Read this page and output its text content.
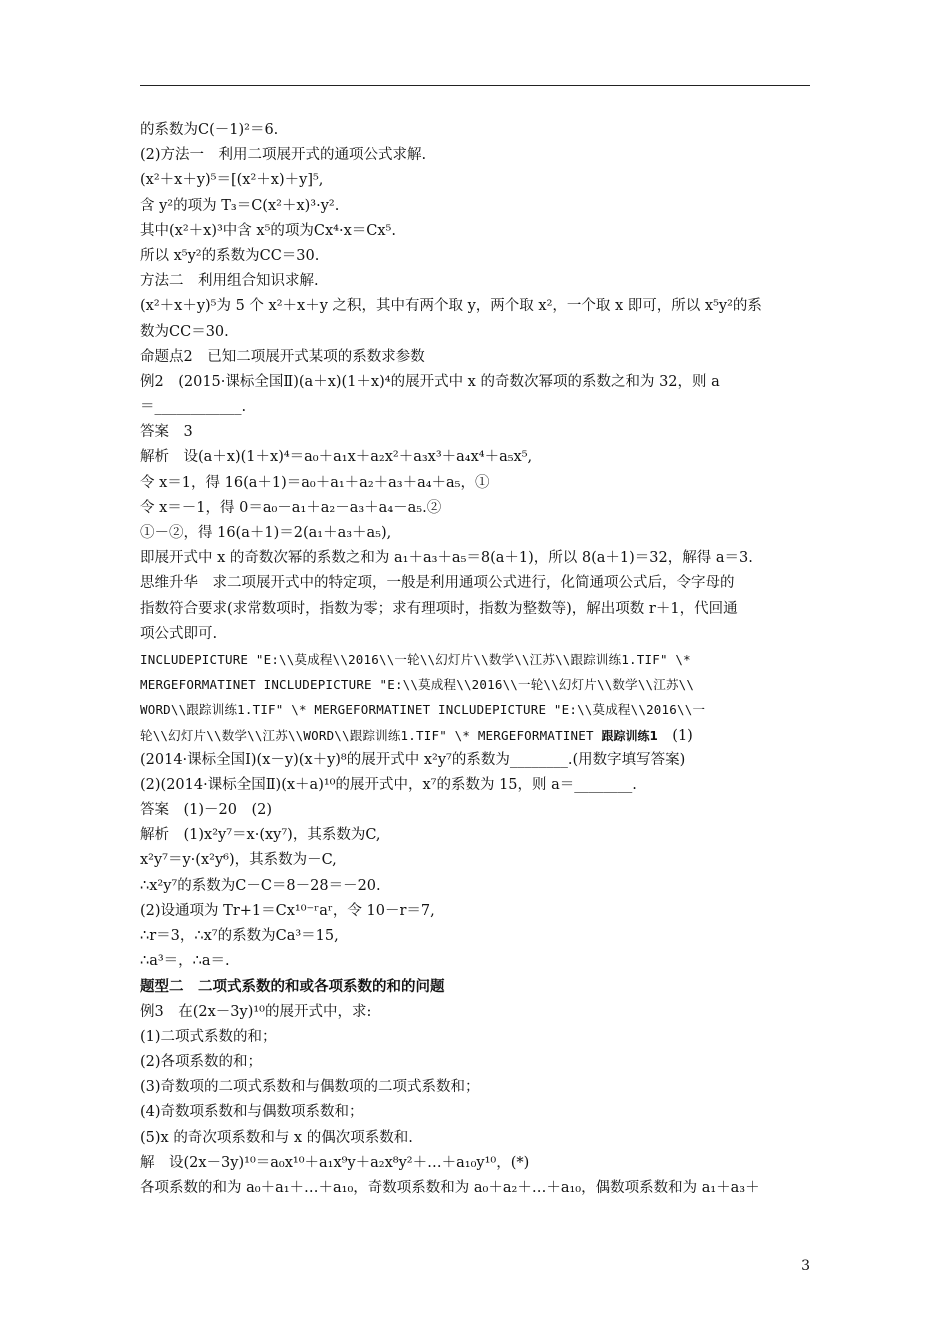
的系数为C(－1)²＝6.
(2)方法一　利用二项展开式的通项公式求解.
(x²＋x＋y)⁵＝[(x²＋x)＋y]⁵,
含 y²的项为 T₃＝C(x²＋x)³·y².
其中(x²＋x)³中含 x⁵的项为Cx⁴·x＝Cx⁵.
所以 x⁵y²的系数为CC＝30.
方法二　利用组合知识求解.
(x²＋x＋y)⁵为 5 个 x²＋x＋y 之积，其中有两个取 y，两个取 x²，一个取 x 即可，所以 x⁵y²的系
数为CC＝30.
命题点2　已知二项展开式某项的系数求参数
例2　(2015·课标全国Ⅱ)(a＋x)(1＋x)⁴的展开式中 x 的奇数次幂项的系数之和为 32，则 a
＝____________.
答案　3
解析　设(a＋x)(1＋x)⁴＝a₀＋a₁x＋a₂x²＋a₃x³＋a₄x⁴＋a₅x⁵,
令 x＝1，得 16(a＋1)＝a₀＋a₁＋a₂＋a₃＋a₄＋a₅，①
令 x＝－1，得 0＝a₀－a₁＋a₂－a₃＋a₄－a₅.②
①－②，得 16(a＋1)＝2(a₁＋a₃＋a₅),
即展开式中 x 的奇数次幂的系数之和为 a₁＋a₃＋a₅＝8(a＋1)，所以 8(a＋1)＝32，解得 a＝3.
思维升华　求二项展开式中的特定项，一般是利用通项公式进行，化简通项公式后，令字母的
指数符合要求(求常数项时，指数为零；求有理项时，指数为整数等)，解出项数 r＋1，代回通
项公式即可.
INCLUDEPICTURE "E:\\莫成程\\2016\\一轮\\幻灯片\\数学\\江苏\\跟踪训练1.TIF" \*
MERGEFORMATINET INCLUDEPICTURE "E:\\莫成程\\2016\\一轮\\幻灯片\\数学\\江苏\\
WORD\\跟踪训练1.TIF" \* MERGEFORMATINET INCLUDEPICTURE "E:\\莫成程\\2016\\一
轮\\幻灯片\\数学\\江苏\\WORD\\跟踪训练1.TIF" \* MERGEFORMATINET 跟踪训练1　(1)
(2014·课标全国Ⅰ)(x－y)(x＋y)⁸的展开式中 x²y⁷的系数为________.(用数字填写答案)
(2)(2014·课标全国Ⅱ)(x＋a)¹⁰的展开式中，x⁷的系数为 15，则 a＝________.
答案　(1)－20　(2)
解析　(1)x²y⁷＝x·(xy⁷)，其系数为C,
x²y⁷＝y·(x²y⁶)，其系数为－C,
∴x²y⁷的系数为C－C＝8－28＝－20.
(2)设通项为 Tr+1＝Cx¹⁰⁻ʳaʳ，令 10－r＝7,
∴r＝3，∴x⁷的系数为Ca³＝15,
∴a³＝，∴a＝.
题型二　二项式系数的和或各项系数的和的问题
例3　在(2x－3y)¹⁰的展开式中，求:
(1)二项式系数的和；
(2)各项系数的和；
(3)奇数项的二项式系数和与偶数项的二项式系数和；
(4)奇数项系数和与偶数项系数和；
(5)x 的奇次项系数和与 x 的偶次项系数和.
解　设(2x－3y)¹⁰＝a₀x¹⁰＋a₁x⁹y＋a₂x⁸y²＋…＋a₁₀y¹⁰，(*)
各项系数的和为 a₀＋a₁＋…＋a₁₀，奇数项系数和为 a₀＋a₂＋…＋a₁₀，偶数项系数和为 a₁＋a₃＋
3
